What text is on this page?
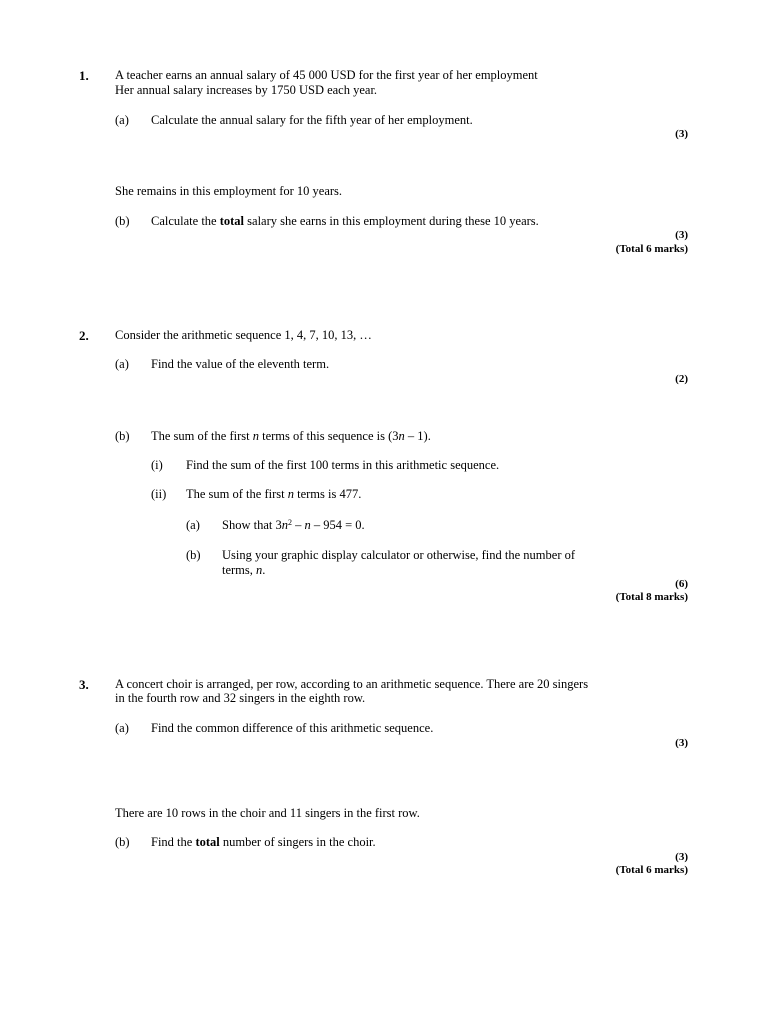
1. A teacher earns an annual salary of 45 000 USD for the first year of her employment
Her annual salary increases by 1750 USD each year.
(a) Calculate the annual salary for the fifth year of her employment.
(3)
She remains in this employment for 10 years.
(b) Calculate the total salary she earns in this employment during these 10 years.
(3)
(Total 6 marks)
2. Consider the arithmetic sequence 1, 4, 7, 10, 13, …
(a) Find the value of the eleventh term.
(2)
(b) The sum of the first n terms of this sequence is (3n – 1).
(i) Find the sum of the first 100 terms in this arithmetic sequence.
(ii) The sum of the first n terms is 477.
(a) Show that $3n^2 - n - 954 = 0$.
(b) Using your graphic display calculator or otherwise, find the number of
terms, n.
(6)
(Total 8 marks)
3. A concert choir is arranged, per row, according to an arithmetic sequence. There are 20 singers
in the fourth row and 32 singers in the eighth row.
(a) Find the common difference of this arithmetic sequence.
(3)
There are 10 rows in the choir and 11 singers in the first row.
(b) Find the total number of singers in the choir.
(3)
(Total 6 marks)
